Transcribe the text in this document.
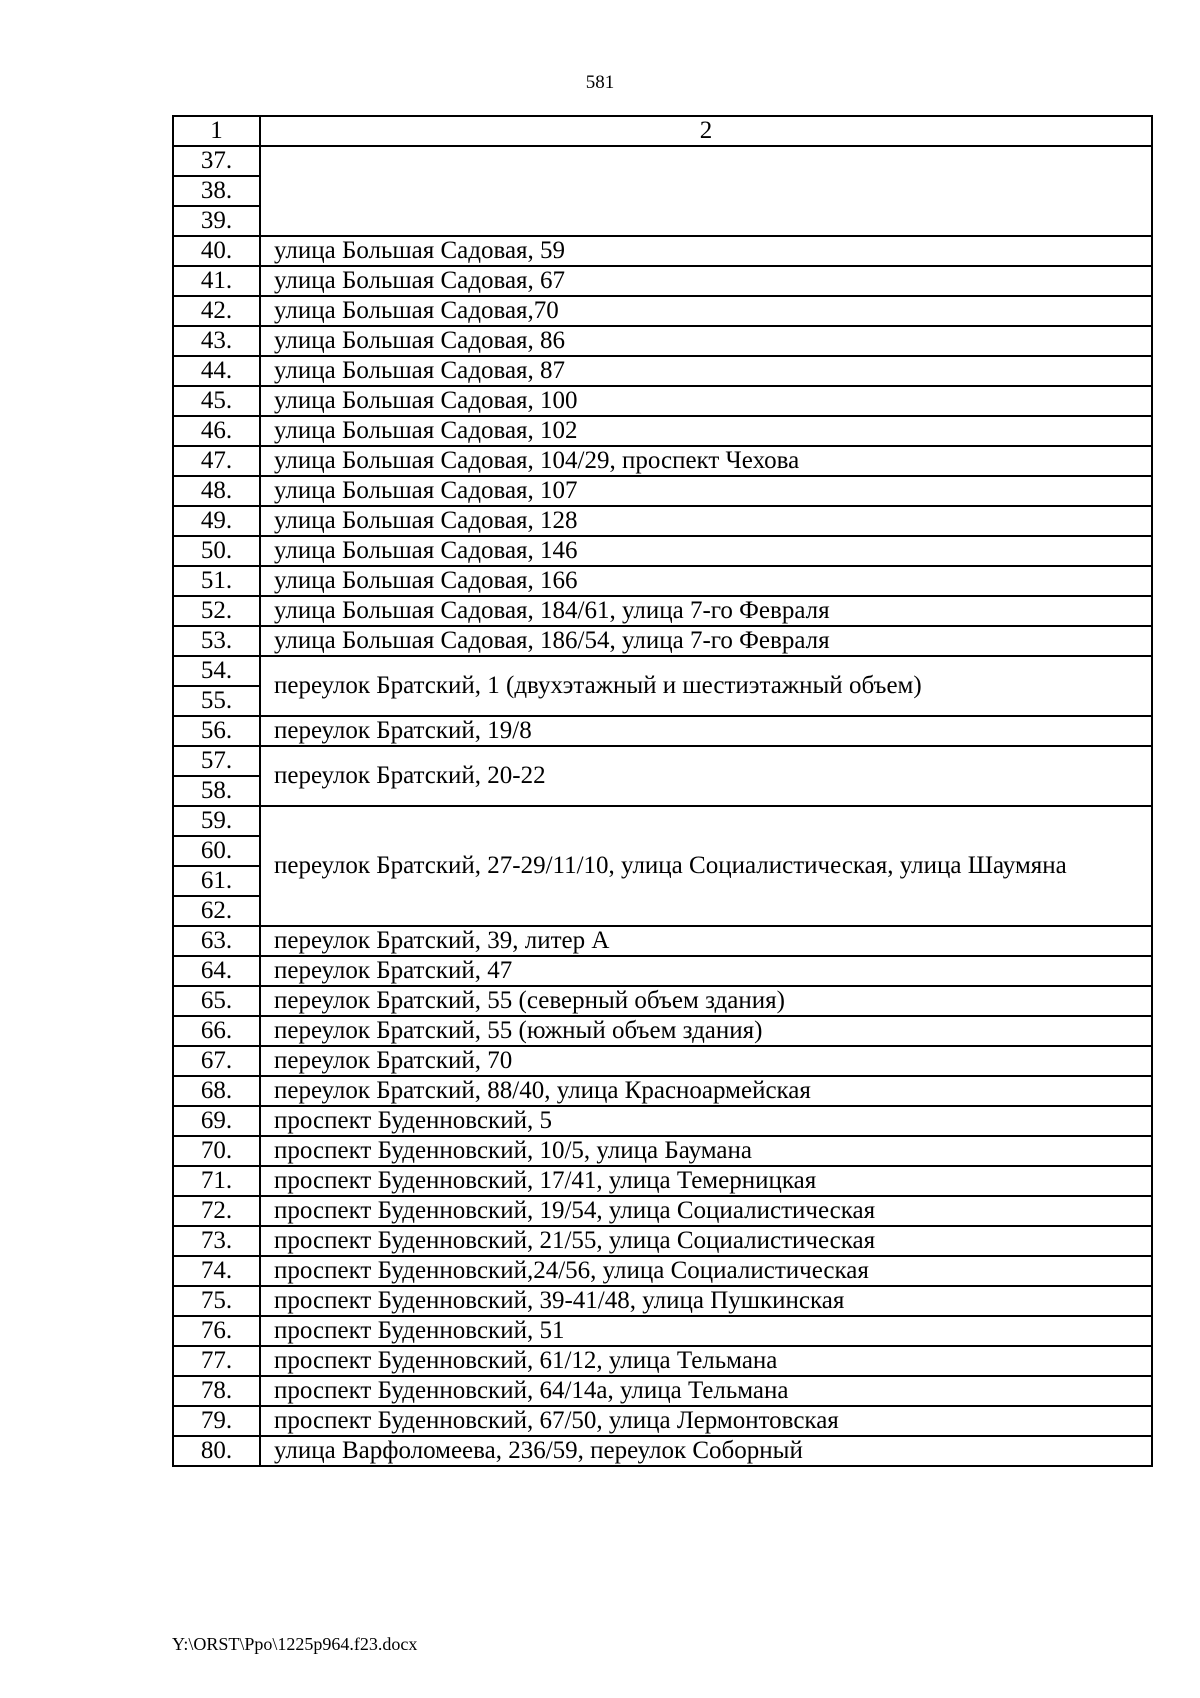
581
1	2
37.	
38.	
39.	
40.	улица Большая Садовая, 59
41.	улица Большая Садовая, 67
42.	улица Большая Садовая,70
43.	улица Большая Садовая, 86
44.	улица Большая Садовая, 87
45.	улица Большая Садовая, 100
46.	улица Большая Садовая, 102
47.	улица Большая Садовая, 104/29, проспект Чехова
48.	улица Большая Садовая, 107
49.	улица Большая Садовая, 128
50.	улица Большая Садовая, 146
51.	улица Большая Садовая, 166
52.	улица Большая Садовая, 184/61, улица 7-го Февраля
53.	улица Большая Садовая, 186/54, улица 7-го Февраля
54.	переулок Братский, 1 (двухэтажный и шестиэтажный объем)
55.	
56.	переулок Братский, 19/8
57.	переулок Братский, 20-22
58.	
59.	переулок Братский, 27-29/11/10, улица Социалистическая, улица Шаумяна
60.	
61.	
62.	
63.	переулок Братский, 39, литер А
64.	переулок Братский, 47
65.	переулок Братский, 55 (северный объем здания)
66.	переулок Братский, 55 (южный объем здания)
67.	переулок Братский, 70
68.	переулок Братский, 88/40, улица Красноармейская
69.	проспект Буденновский, 5
70.	проспект Буденновский, 10/5, улица Баумана
71.	проспект Буденновский, 17/41, улица Темерницкая
72.	проспект Буденновский, 19/54, улица Социалистическая
73.	проспект Буденновский, 21/55, улица Социалистическая
74.	проспект Буденновский,24/56, улица Социалистическая
75.	проспект Буденновский, 39-41/48, улица Пушкинская
76.	проспект Буденновский, 51
77.	проспект Буденновский, 61/12, улица Тельмана
78.	проспект Буденновский, 64/14а, улица Тельмана
79.	проспект Буденновский, 67/50, улица Лермонтовская
80.	улица Варфоломеева, 236/59, переулок Соборный
Y:\ORST\Ppo\1225p964.f23.docx
